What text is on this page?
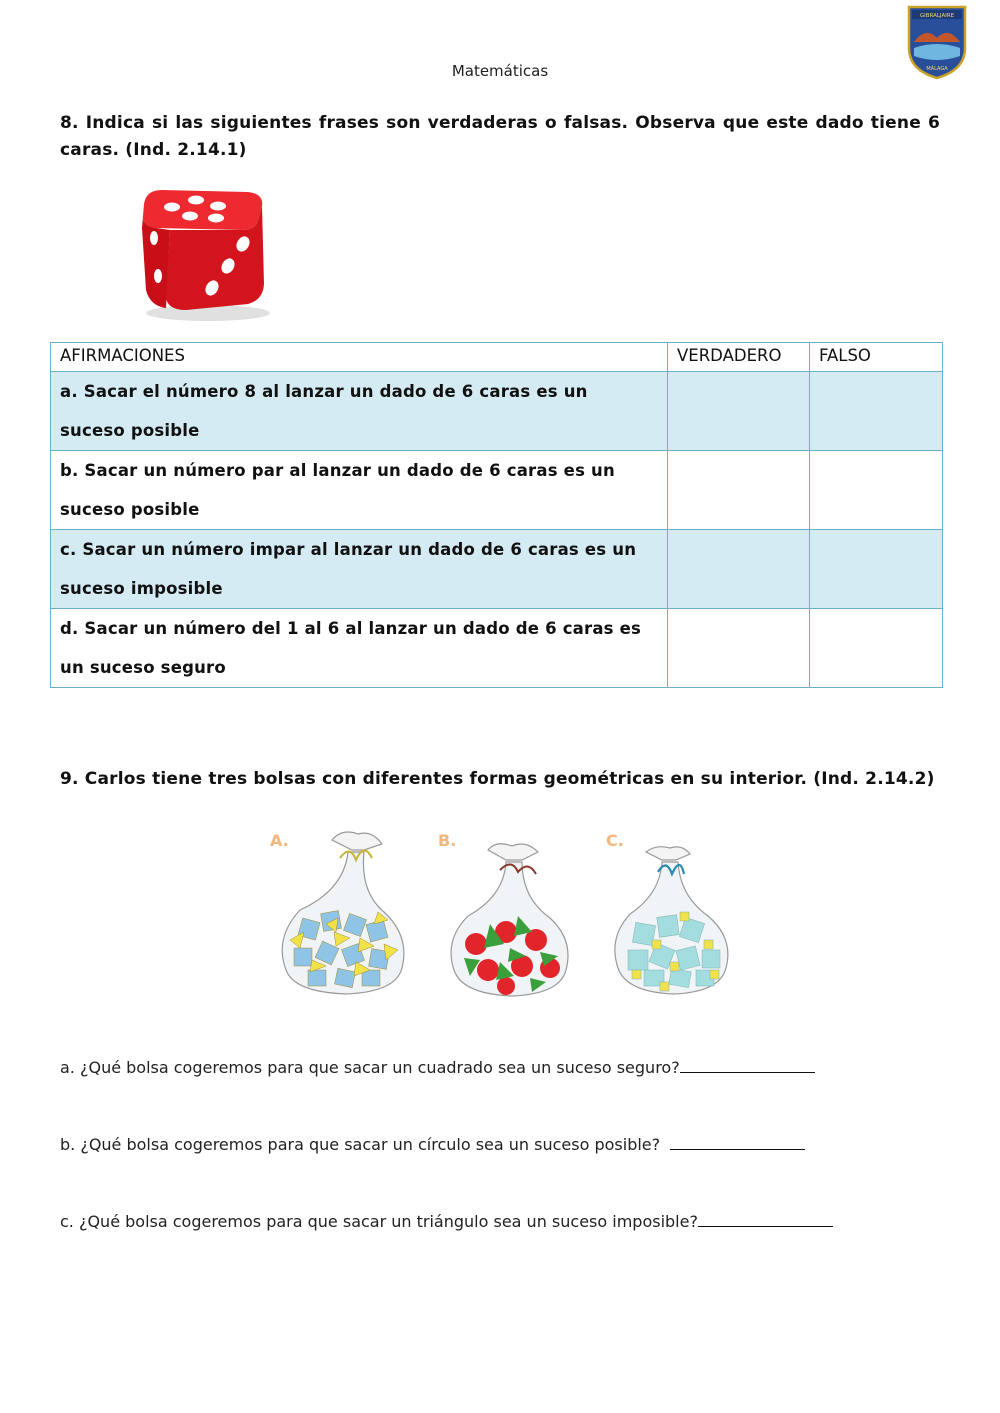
Matemáticas
GIBRALJAIRE
MÁLAGA
8. Indica si las siguientes frases son verdaderas o falsas. Observa que este dado tiene 6 caras. (Ind. 2.14.1)
AFIRMACIONES	VERDADERO	FALSO
a. Sacar el número 8 al lanzar un dado de 6 caras es un suceso posible		
b. Sacar un número par al lanzar un dado de 6 caras es un suceso posible		
c. Sacar un número impar al lanzar un dado de 6 caras es un suceso imposible		
d. Sacar un número del 1 al 6 al lanzar un dado de 6 caras es un suceso seguro		
9. Carlos tiene tres bolsas con diferentes formas geométricas en su interior. (Ind. 2.14.2)
A.	B.	C.
a. ¿Qué bolsa cogeremos para que sacar un cuadrado sea un suceso seguro?
b. ¿Qué bolsa cogeremos para que sacar un círculo sea un suceso posible?
c. ¿Qué bolsa cogeremos para que sacar un triángulo sea un suceso imposible?
